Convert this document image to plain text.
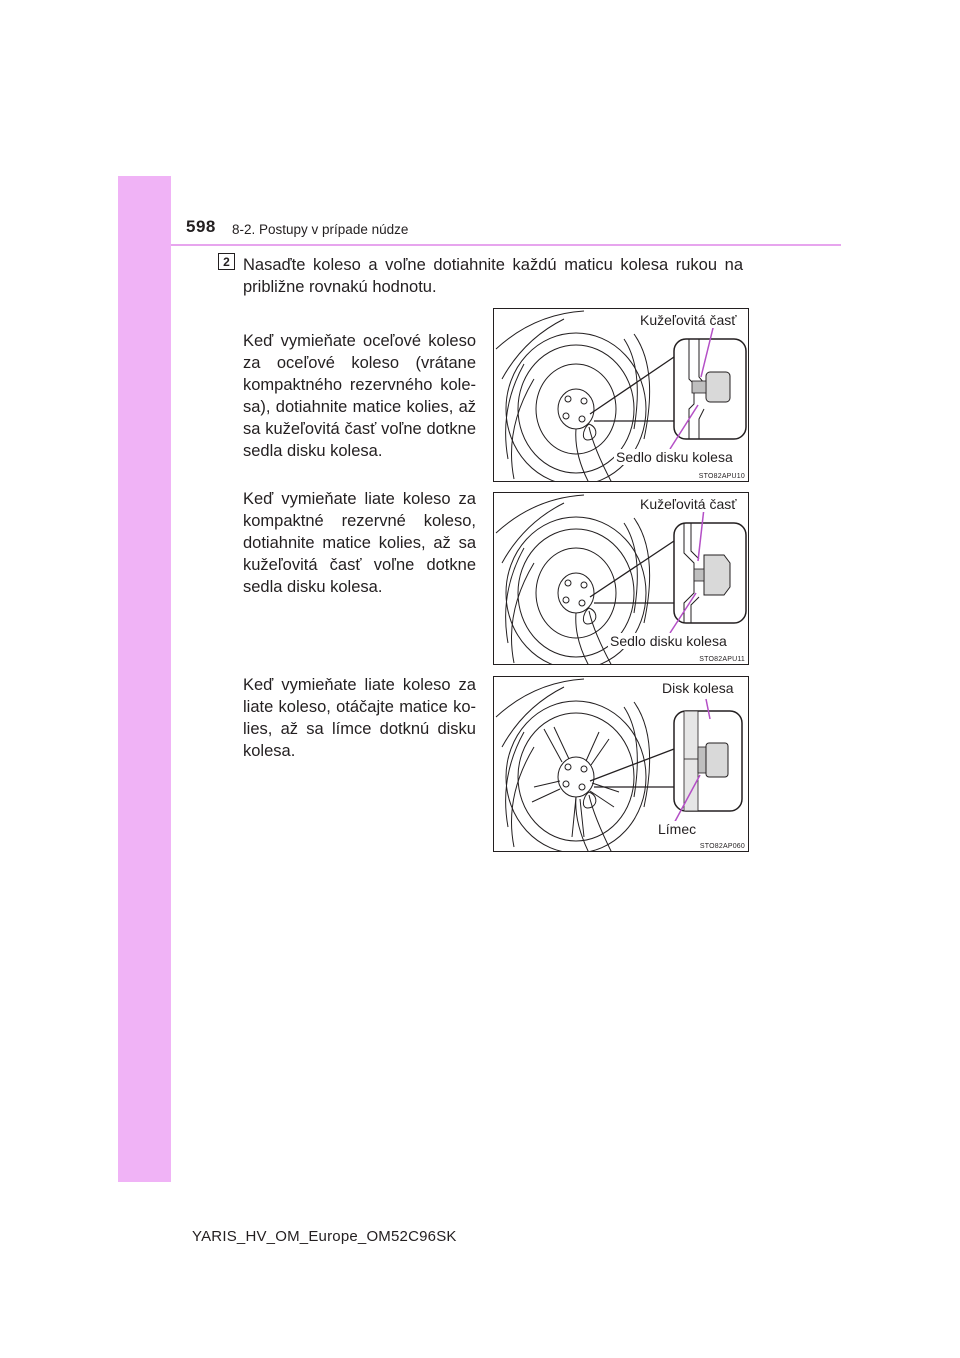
598 8-2. Postupy v prípade núdze
2 Nasaďte koleso a voľne dotiahnite každú maticu kolesa rukou na približne rovnakú hodnotu.
Keď vymieňate oceľové koleso za oceľové koleso (vrátane kompaktného rezervného kole-sa), dotiahnite matice kolies, až sa kužeľovitá časť voľne dotkne sedla disku kolesa.
Kužeľovitá časť
Sedlo disku kolesa
STO82APU10
Keď vymieňate liate koleso za kompaktné rezervné koleso, dotiahnite matice kolies, až sa kužeľovitá časť voľne dotkne sedla disku kolesa.
Kužeľovitá časť
Sedlo disku kolesa
STO82APU11
Keď vymieňate liate koleso za liate koleso, otáčajte matice ko-lies, až sa límce dotknú disku kolesa.
Disk kolesa
Límec
STO82AP060
YARIS_HV_OM_Europe_OM52C96SK
